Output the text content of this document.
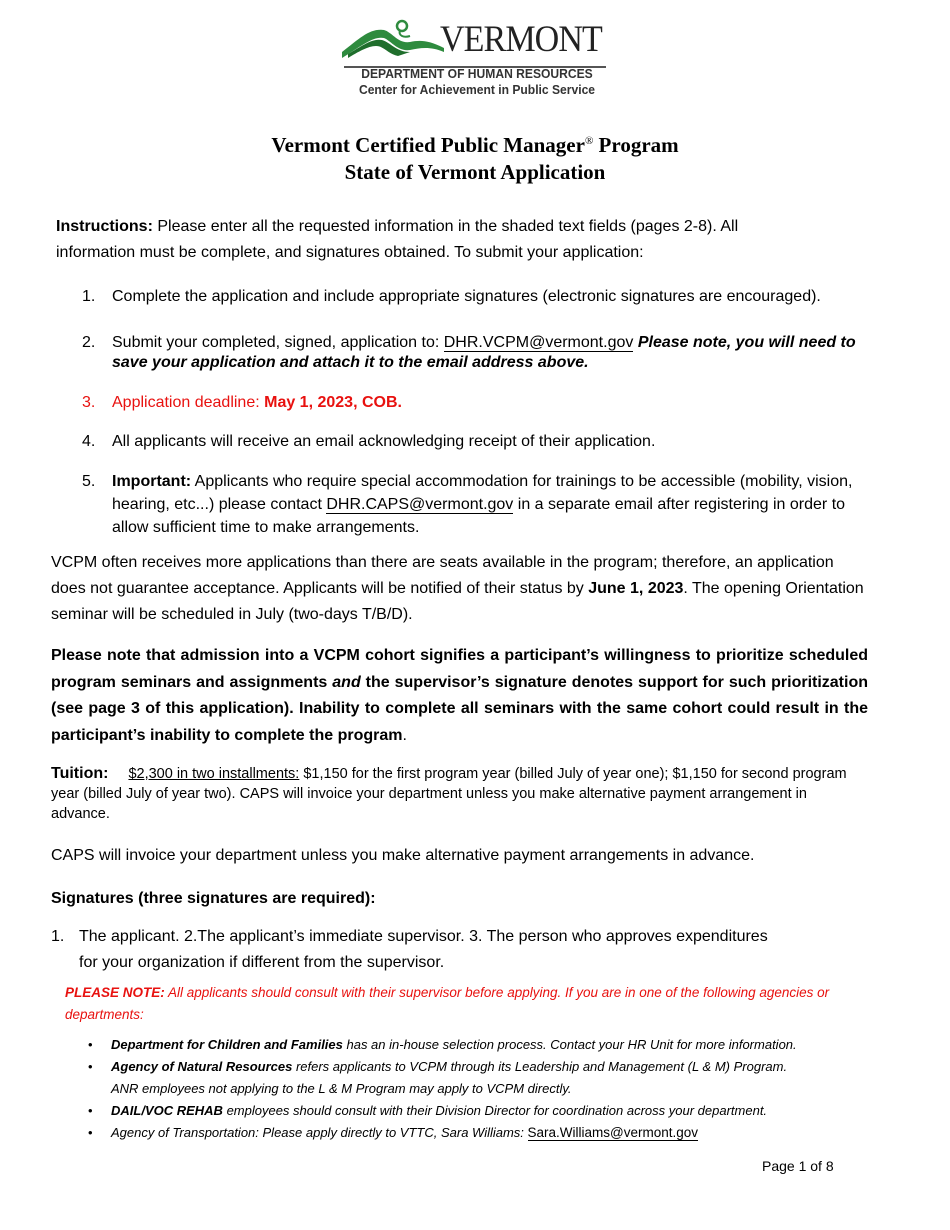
VERMONT
DEPARTMENT OF HUMAN RESOURCES
Center for Achievement in Public Service
Vermont Certified Public Manager® Program
State of Vermont Application
Instructions: Please enter all the requested information in the shaded text fields (pages 2-8). All information must be complete, and signatures obtained. To submit your application:
1.	Complete the application and include appropriate signatures (electronic signatures are encouraged).
2.	Submit your completed, signed, application to: DHR.VCPM@vermont.gov Please note, you will need to save your application and attach it to the email address above.
3.	Application deadline: May 1, 2023, COB.
4.	All applicants will receive an email acknowledging receipt of their application.
5.	Important: Applicants who require special accommodation for trainings to be accessible (mobility, vision, hearing, etc...) please contact DHR.CAPS@vermont.gov in a separate email after registering in order to allow sufficient time to make arrangements.
VCPM often receives more applications than there are seats available in the program; therefore, an application does not guarantee acceptance. Applicants will be notified of their status by June 1, 2023. The opening Orientation seminar will be scheduled in July (two-days T/B/D).
Please note that admission into a VCPM cohort signifies a participant’s willingness to prioritize scheduled program seminars and assignments and the supervisor’s signature denotes support for such prioritization (see page 3 of this application). Inability to complete all seminars with the same cohort could result in the participant’s inability to complete the program.
Tuition: $2,300 in two installments: $1,150 for the first program year (billed July of year one); $1,150 for second program year (billed July of year two). CAPS will invoice your department unless you make alternative payment arrangement in advance.
CAPS will invoice your department unless you make alternative payment arrangements in advance.
Signatures (three signatures are required):
1. The applicant. 2.The applicant’s immediate supervisor. 3. The person who approves expenditures
for your organization if different from the supervisor.
PLEASE NOTE: All applicants should consult with their supervisor before applying. If you are in one of the following agencies or departments:
• Department for Children and Families has an in-house selection process. Contact your HR Unit for more information.
• Agency of Natural Resources refers applicants to VCPM through its Leadership and Management (L & M) Program.
ANR employees not applying to the L & M Program may apply to VCPM directly.
• DAIL/VOC REHAB employees should consult with their Division Director for coordination across your department.
• Agency of Transportation: Please apply directly to VTTC, Sara Williams: Sara.Williams@vermont.gov
Page 1 of 8
